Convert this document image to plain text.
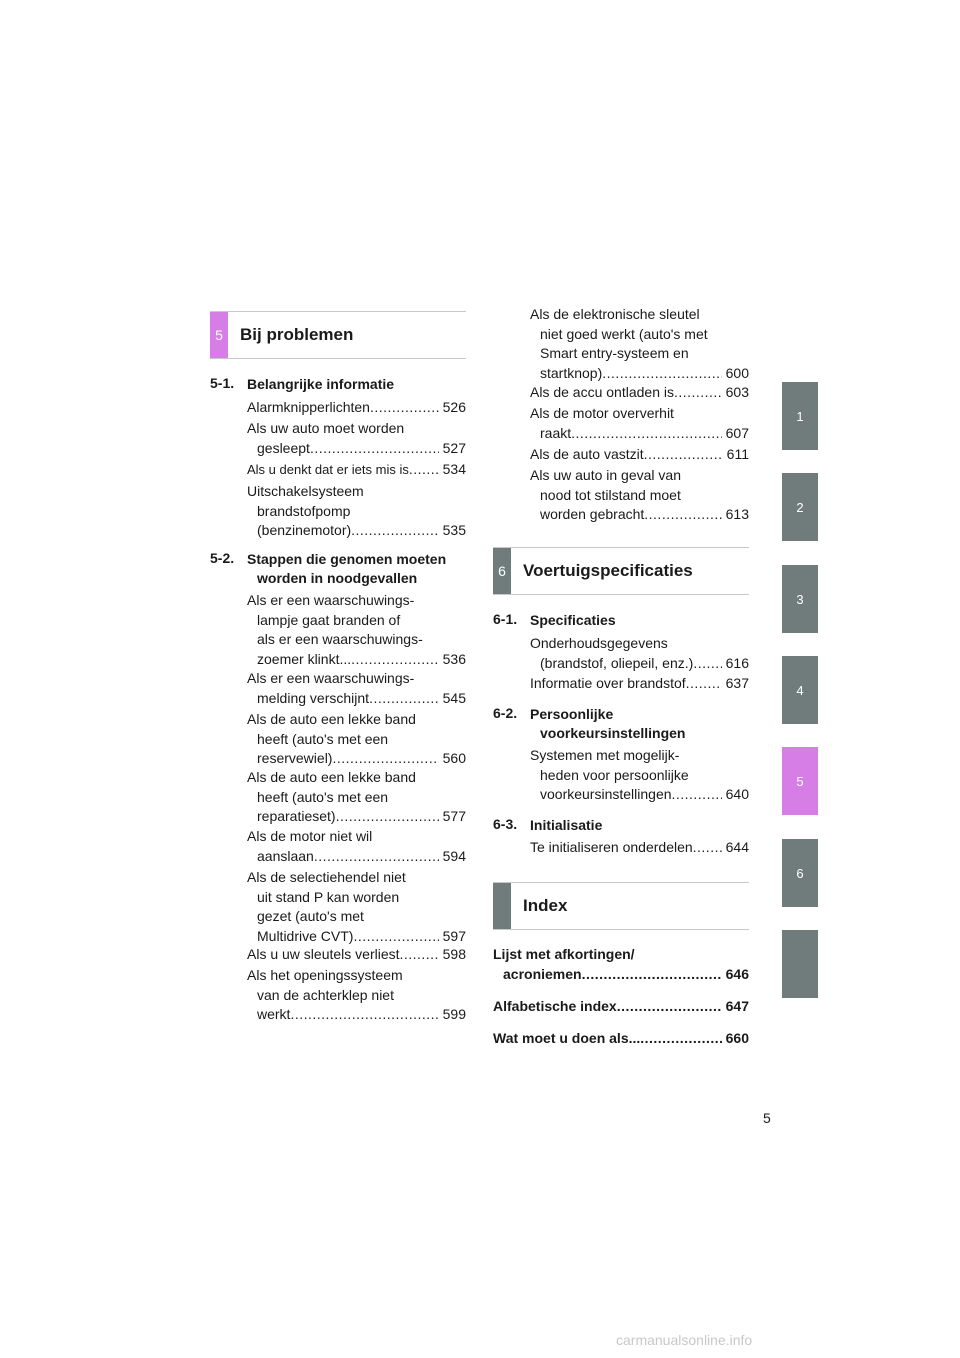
5	Bij problemen
5-1. Belangrijke informatie
Alarmknipperlichten . . .	526
Als uw auto moet worden
gesleept . . .	527
Als u denkt dat er iets mis is . . . 534
Uitschakelsysteem
brandstofpomp
(benzinemotor) . . .	535
5-2. Stappen die genomen moeten
worden in noodgevallen
Als er een waarschuwings-
lampje gaat branden of
als er een waarschuwings-
zoemer klinkt... . . .	536
Als er een waarschuwings-
melding verschijnt . . .	545
Als de auto een lekke band
heeft (auto's met een
reservewiel) . . .	560
Als de auto een lekke band
heeft (auto's met een
reparatieset) . . .	577
Als de motor niet wil
aanslaan . . .	594
Als de selectiehendel niet
uit stand P kan worden
gezet (auto's met
Multidrive CVT) . . .	597
Als u uw sleutels verliest . . .	598
Als het openingssysteem
van de achterklep niet
werkt . . .	599
Als de elektronische sleutel
niet goed werkt (auto's met
Smart entry-systeem en
startknop) . . .	600
Als de accu ontladen is . . .	603
Als de motor oververhit
raakt . . .	607
Als de auto vastzit . . .	611
Als uw auto in geval van
nood tot stilstand moet
worden gebracht . . .	613
6	Voertuigspecificaties
6-1. Specificaties
Onderhoudsgegevens
(brandstof, oliepeil, enz.) . . . 616
Informatie over brandstof . . .	637
6-2. Persoonlijke
voorkeursinstellingen
Systemen met mogelijk-
heden voor persoonlijke
voorkeursinstellingen . . .	640
6-3. Initialisatie
Te initialiseren onderdelen . . . 644
Index
Lijst met afkortingen/
acroniemen . . .	646
Alfabetische index . . .	647
Wat moet u doen als... . . .	660
1
2
3
4
5
6
5
carmanualsonline.info
